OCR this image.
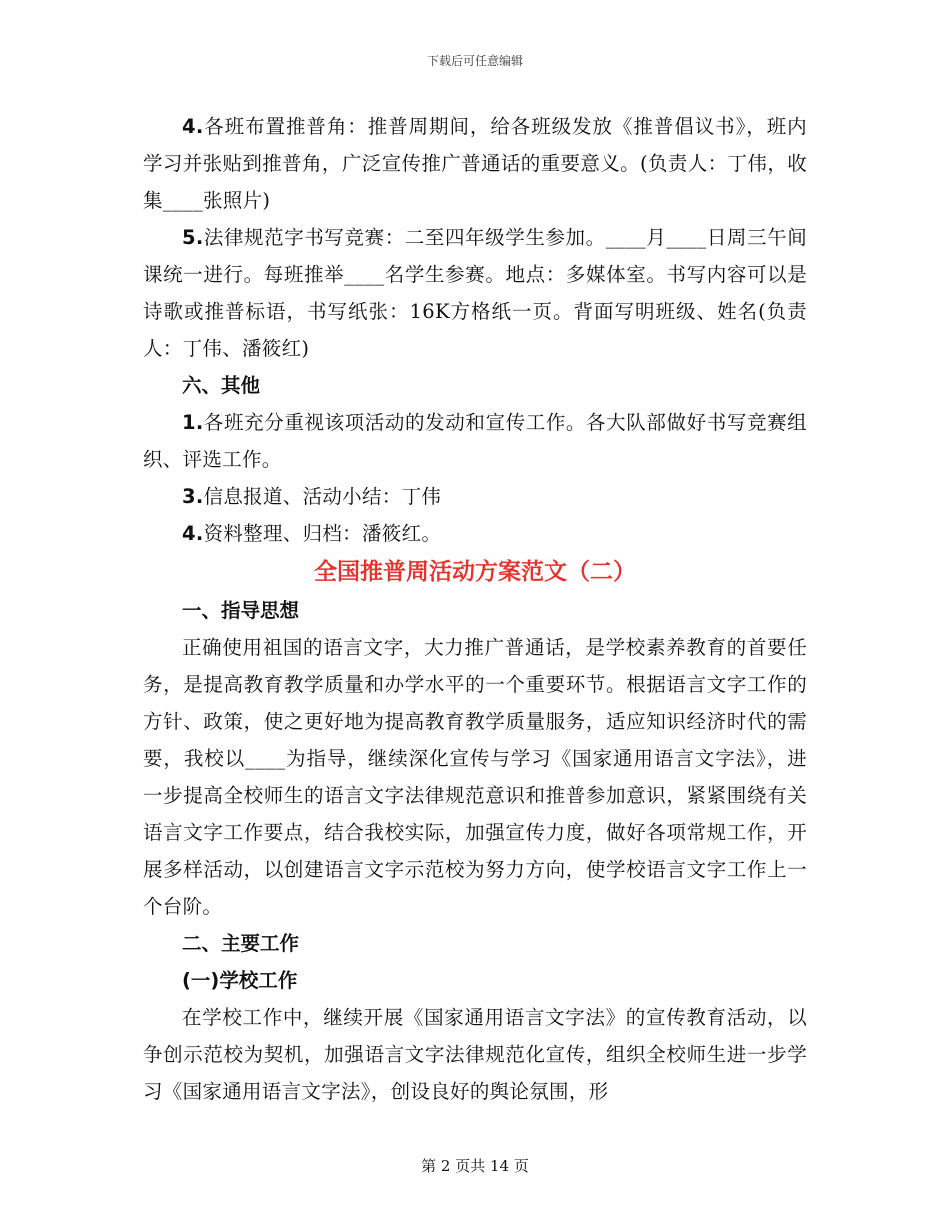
下载后可任意编辑

4.各班布置推普角：推普周期间，给各班级发放《推普倡议书》，班内学习并张贴到推普角，广泛宣传推广普通话的重要意义。(负责人：丁伟，收集____张照片)

5.法律规范字书写竞赛：二至四年级学生参加。____月____日周三午间课统一进行。每班推举____名学生参赛。地点：多媒体室。书写内容可以是诗歌或推普标语，书写纸张：16K方格纸一页。背面写明班级、姓名(负责人：丁伟、潘筱红)

六、其他

1.各班充分重视该项活动的发动和宣传工作。各大队部做好书写竞赛组织、评选工作。

3.信息报道、活动小结：丁伟

4.资料整理、归档：潘筱红。

全国推普周活动方案范文（二）

一、指导思想

正确使用祖国的语言文字，大力推广普通话，是学校素养教育的首要任务，是提高教育教学质量和办学水平的一个重要环节。根据语言文字工作的方针、政策，使之更好地为提高教育教学质量服务，适应知识经济时代的需要，我校以____为指导，继续深化宣传与学习《国家通用语言文字法》，进一步提高全校师生的语言文字法律规范意识和推普参加意识，紧紧围绕有关语言文字工作要点，结合我校实际，加强宣传力度，做好各项常规工作，开展多样活动，以创建语言文字示范校为努力方向，使学校语言文字工作上一个台阶。

二、主要工作

(一)学校工作

在学校工作中，继续开展《国家通用语言文字法》的宣传教育活动，以争创示范校为契机，加强语言文字法律规范化宣传，组织全校师生进一步学习《国家通用语言文字法》，创设良好的舆论氛围，形

第 2 页共 14 页
